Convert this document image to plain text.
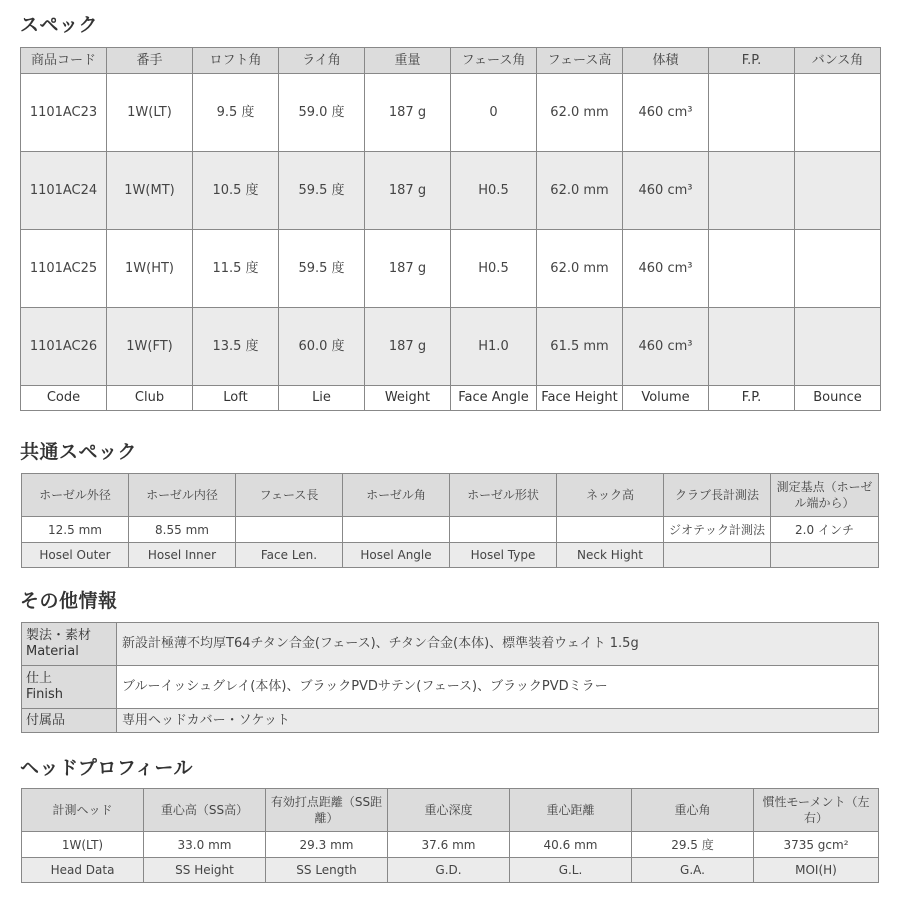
スペック
商品コード	番手	ロフト角	ライ角	重量	フェース角	フェース高	体積	F.P.	バンス角
1101AC23	1W(LT)	9.5 度	59.0 度	187 g	0	62.0 mm	460 cm³		
1101AC24	1W(MT)	10.5 度	59.5 度	187 g	H0.5	62.0 mm	460 cm³		
1101AC25	1W(HT)	11.5 度	59.5 度	187 g	H0.5	62.0 mm	460 cm³		
1101AC26	1W(FT)	13.5 度	60.0 度	187 g	H1.0	61.5 mm	460 cm³		
Code	Club	Loft	Lie	Weight	Face Angle	Face Height	Volume	F.P.	Bounce
共通スペック
ホーゼル外径	ホーゼル内径	フェース長	ホーゼル角	ホーゼル形状	ネック高	クラブ長計測法	測定基点（ホーゼル端から）
12.5 mm	8.55 mm					ジオテック計測法	2.0 インチ
Hosel Outer	Hosel Inner	Face Len.	Hosel Angle	Hosel Type	Neck Hight		
その他情報
製法・素材
Material	新設計極薄不均厚T64チタン合金(フェース)、チタン合金(本体)、標準装着ウェイト 1.5g

仕上
Finish	ブルーイッシュグレイ(本体)、ブラックPVDサテン(フェース)、ブラックPVDミラー

付属品	専用ヘッドカバー・ソケット
ヘッドプロフィール
計測ヘッド	重心高（SS高）	有効打点距離（SS距離）	重心深度	重心距離	重心角	慣性モーメント（左右）
1W(LT)	33.0 mm	29.3 mm	37.6 mm	40.6 mm	29.5 度	3735 gcm²
Head Data	SS Height	SS Length	G.D.	G.L.	G.A.	MOI(H)
